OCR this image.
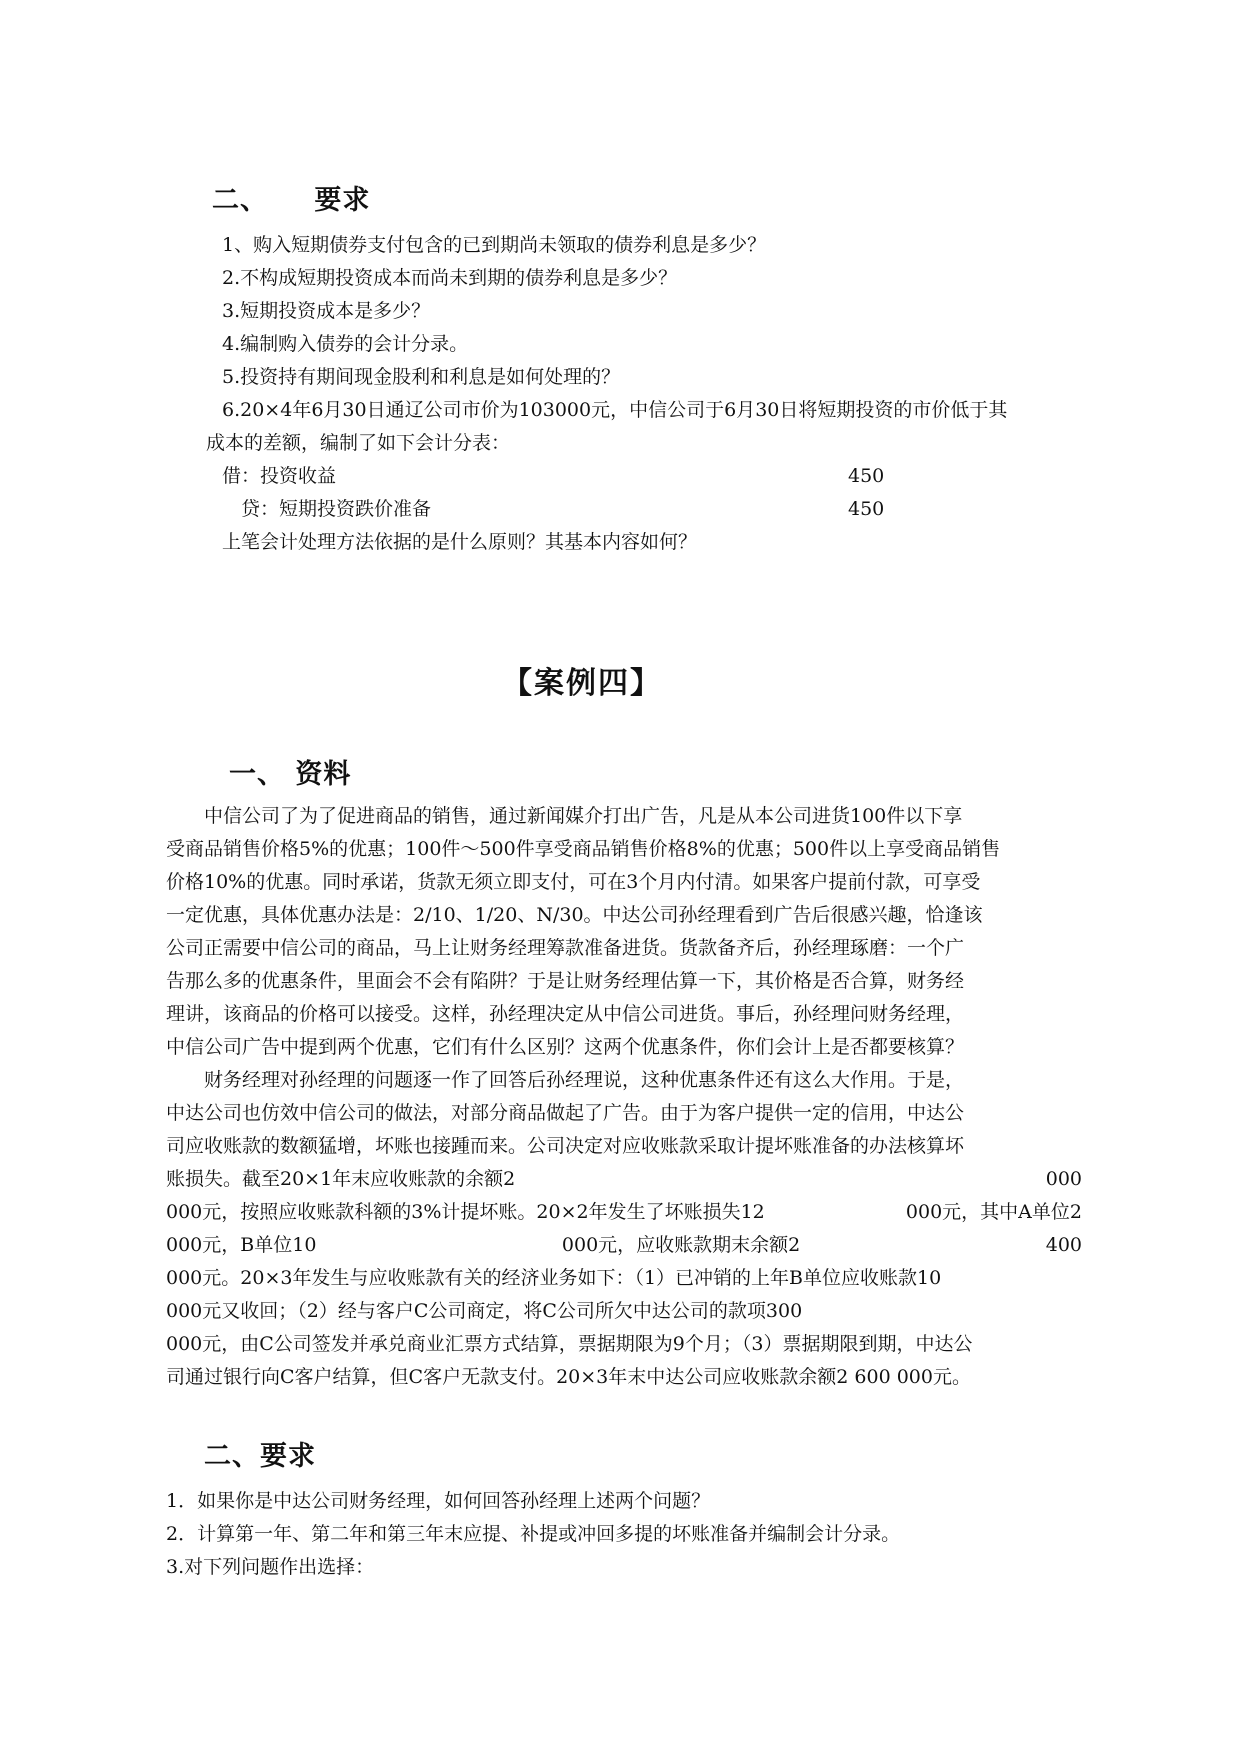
二、 要求
1、购入短期债券支付包含的已到期尚未领取的债券利息是多少？
2.不构成短期投资成本而尚未到期的债券利息是多少？
3.短期投资成本是多少？
4.编制购入债券的会计分录。
5.投资持有期间现金股利和利息是如何处理的？
6.20×4年6月30日通辽公司市价为103000元，中信公司于6月30日将短期投资的市价低于其
成本的差额，编制了如下会计分表：
借：投资收益	450
贷：短期投资跌价准备	450
上笔会计处理方法依据的是什么原则？其基本内容如何？
【案例四】
一、 资料
中信公司了为了促进商品的销售，通过新闻媒介打出广告，凡是从本公司进货100件以下享
受商品销售价格5%的优惠；100件～500件享受商品销售价格8%的优惠；500件以上享受商品销售
价格10%的优惠。同时承诺，货款无须立即支付，可在3个月内付清。如果客户提前付款，可享受
一定优惠，具体优惠办法是：2/10、1/20、N/30。中达公司孙经理看到广告后很感兴趣，恰逢该
公司正需要中信公司的商品，马上让财务经理筹款准备进货。货款备齐后，孙经理琢磨：一个广
告那么多的优惠条件，里面会不会有陷阱？于是让财务经理估算一下，其价格是否合算，财务经
理讲，该商品的价格可以接受。这样，孙经理决定从中信公司进货。事后，孙经理问财务经理，
中信公司广告中提到两个优惠，它们有什么区别？这两个优惠条件，你们会计上是否都要核算？
财务经理对孙经理的问题逐一作了回答后孙经理说，这种优惠条件还有这么大作用。于是，
中达公司也仿效中信公司的做法，对部分商品做起了广告。由于为客户提供一定的信用，中达公
司应收账款的数额猛增，坏账也接踵而来。公司决定对应收账款采取计提坏账准备的办法核算坏
账损失。截至20×1年末应收账款的余额2	000
000元，按照应收账款科额的3%计提坏账。20×2年发生了坏账损失12	000元，其中A单位2
000元，B单位10	000元，应收账款期末余额2	400
000元。20×3年发生与应收账款有关的经济业务如下：（1）已冲销的上年B单位应收账款10
000元又收回；（2）经与客户C公司商定，将C公司所欠中达公司的款项300
000元，由C公司签发并承兑商业汇票方式结算，票据期限为9个月；（3）票据期限到期，中达公
司通过银行向C客户结算，但C客户无款支付。20×3年末中达公司应收账款余额2 600 000元。
二、要求
1．如果你是中达公司财务经理，如何回答孙经理上述两个问题？
2．计算第一年、第二年和第三年末应提、补提或冲回多提的坏账准备并编制会计分录。
3.对下列问题作出选择：
